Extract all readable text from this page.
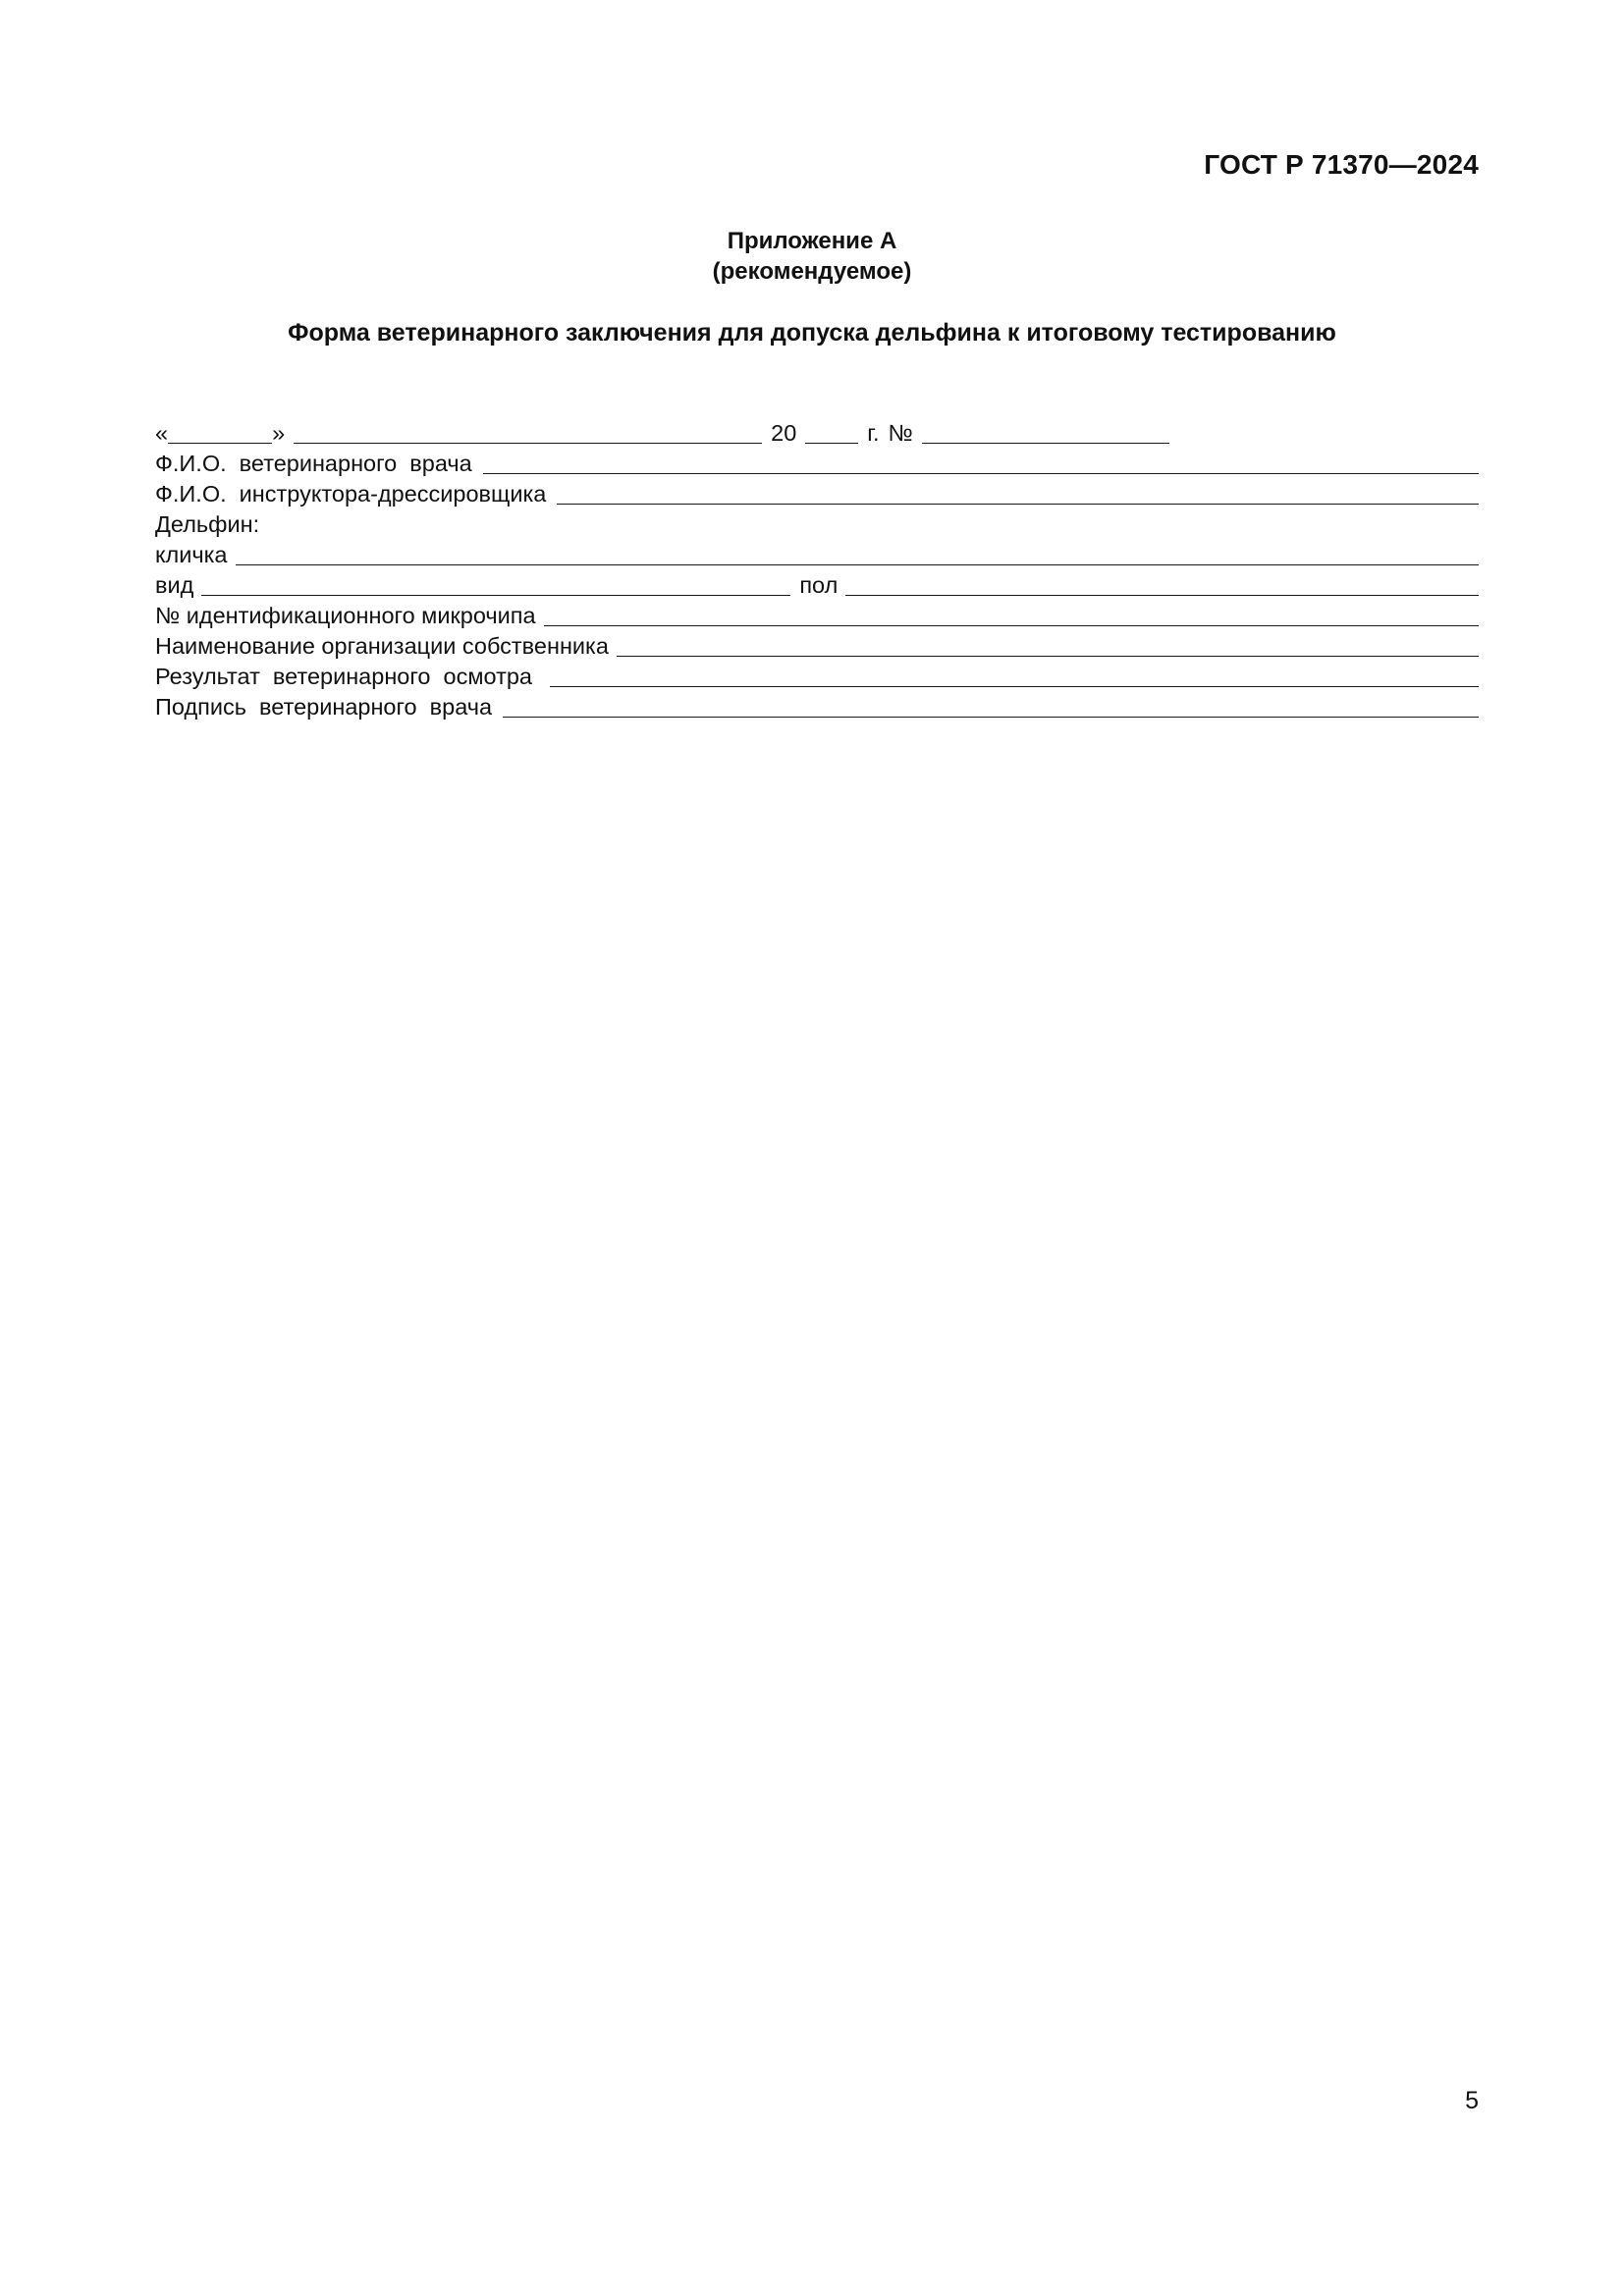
ГОСТ Р 71370—2024
Приложение А
(рекомендуемое)
Форма ветеринарного заключения для допуска дельфина к итоговому тестированию
«	»	20	г. №
Ф.И.О.  ветеринарного  врача
Ф.И.О.  инструктора-дрессировщика
Дельфин:
кличка
вид	пол
№ идентификационного микрочипа
Наименование организации собственника
Результат  ветеринарного  осмотра
Подпись  ветеринарного  врача
5
